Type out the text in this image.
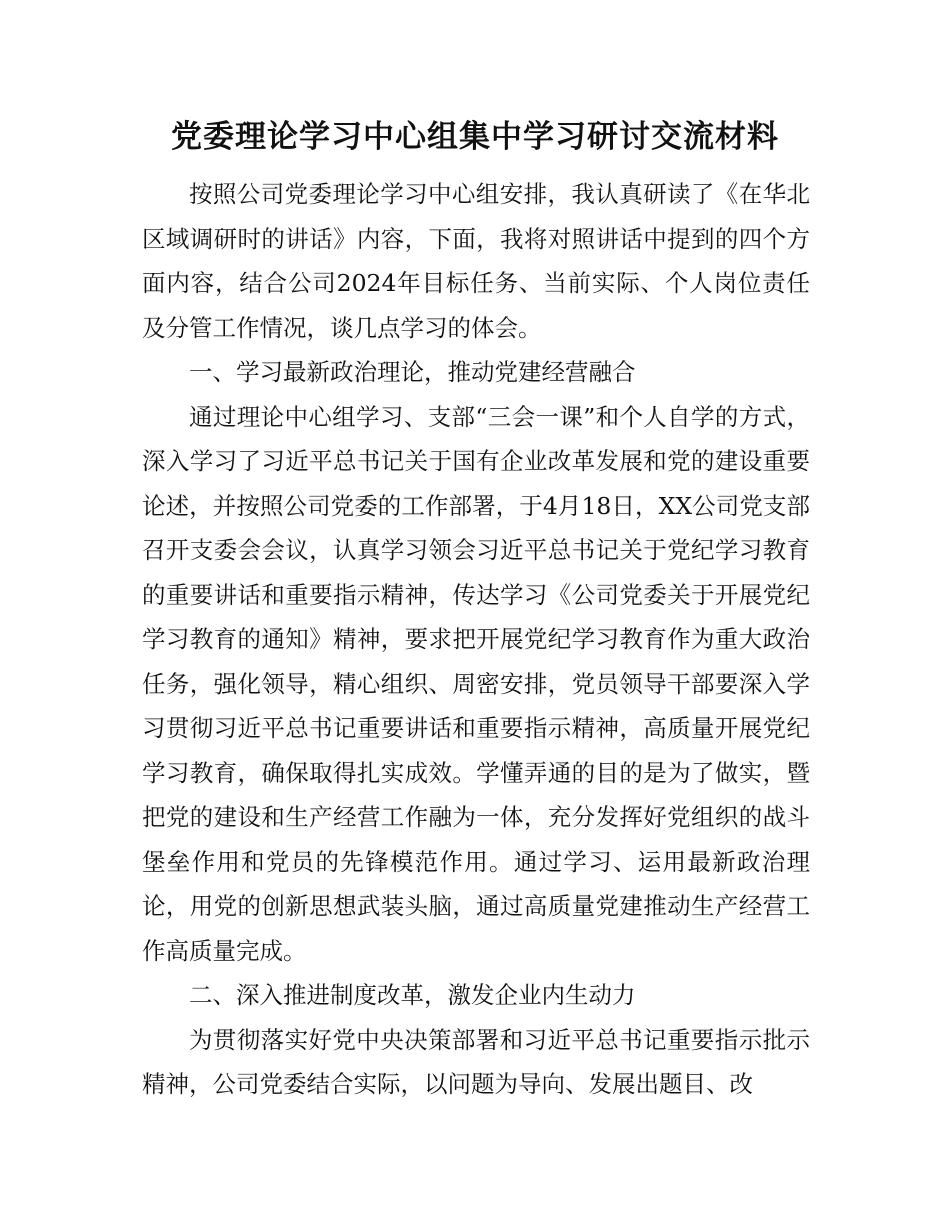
党委理论学习中心组集中学习研讨交流材料

按照公司党委理论学习中心组安排，我认真研读了《在华北区域调研时的讲话》内容，下面，我将对照讲话中提到的四个方面内容，结合公司2024年目标任务、当前实际、个人岗位责任及分管工作情况，谈几点学习的体会。

一、学习最新政治理论，推动党建经营融合

通过理论中心组学习、支部“三会一课”和个人自学的方式，深入学习了习近平总书记关于国有企业改革发展和党的建设重要论述，并按照公司党委的工作部署，于4月18日，XX公司党支部召开支委会会议，认真学习领会习近平总书记关于党纪学习教育的重要讲话和重要指示精神，传达学习《公司党委关于开展党纪学习教育的通知》精神，要求把开展党纪学习教育作为重大政治任务，强化领导，精心组织、周密安排，党员领导干部要深入学习贯彻习近平总书记重要讲话和重要指示精神，高质量开展党纪学习教育，确保取得扎实成效。学懂弄通的目的是为了做实，暨把党的建设和生产经营工作融为一体，充分发挥好党组织的战斗堡垒作用和党员的先锋模范作用。通过学习、运用最新政治理论，用党的创新思想武装头脑，通过高质量党建推动生产经营工作高质量完成。

二、深入推进制度改革，激发企业内生动力

为贯彻落实好党中央决策部署和习近平总书记重要指示批示精神，公司党委结合实际，以问题为导向、发展出题目、改
